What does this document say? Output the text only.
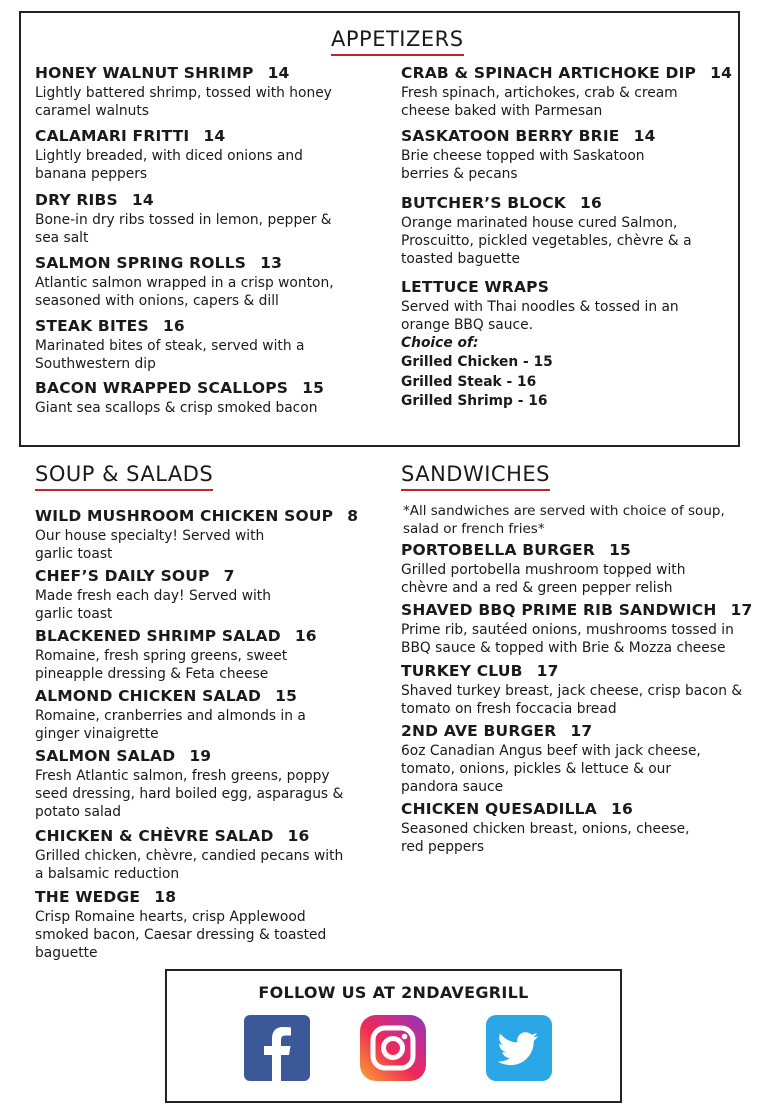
APPETIZERS
HONEY WALNUT SHRIMP 14
Lightly battered shrimp, tossed with honey caramel walnuts
CALAMARI FRITTI 14
Lightly breaded, with diced onions and banana peppers
DRY RIBS 14
Bone-in dry ribs tossed in lemon, pepper & sea salt
SALMON SPRING ROLLS 13
Atlantic salmon wrapped in a crisp wonton, seasoned with onions, capers & dill
STEAK BITES 16
Marinated bites of steak, served with a Southwestern dip
BACON WRAPPED SCALLOPS 15
Giant sea scallops & crisp smoked bacon
CRAB & SPINACH ARTICHOKE DIP 14
Fresh spinach, artichokes, crab & cream cheese baked with Parmesan
SASKATOON BERRY BRIE 14
Brie cheese topped with Saskatoon berries & pecans
BUTCHER’S BLOCK 16
Orange marinated house cured Salmon, Proscuitto, pickled vegetables, chèvre & a toasted baguette
LETTUCE WRAPS
Served with Thai noodles & tossed in an orange BBQ sauce.
Choice of:
Grilled Chicken - 15
Grilled Steak - 16
Grilled Shrimp - 16
SOUP & SALADS
WILD MUSHROOM CHICKEN SOUP 8
Our house specialty! Served with garlic toast
CHEF’S DAILY SOUP 7
Made fresh each day! Served with garlic toast
BLACKENED SHRIMP SALAD 16
Romaine, fresh spring greens, sweet pineapple dressing & Feta cheese
ALMOND CHICKEN SALAD 15
Romaine, cranberries and almonds in a ginger vinaigrette
SALMON SALAD 19
Fresh Atlantic salmon, fresh greens, poppy seed dressing, hard boiled egg, asparagus & potato salad
CHICKEN & CHÈVRE SALAD 16
Grilled chicken, chèvre, candied pecans with a balsamic reduction
THE WEDGE 18
Crisp Romaine hearts, crisp Applewood smoked bacon, Caesar dressing & toasted baguette
SANDWICHES
*All sandwiches are served with choice of soup, salad or french fries*
PORTOBELLA BURGER 15
Grilled portobella mushroom topped with chèvre and a red & green pepper relish
SHAVED BBQ PRIME RIB SANDWICH 17
Prime rib, sautéed onions, mushrooms tossed in BBQ sauce & topped with Brie & Mozza cheese
TURKEY CLUB 17
Shaved turkey breast, jack cheese, crisp bacon & tomato on fresh foccacia bread
2ND AVE BURGER 17
6oz Canadian Angus beef with jack cheese, tomato, onions, pickles & lettuce & our pandora sauce
CHICKEN QUESADILLA 16
Seasoned chicken breast, onions, cheese, red peppers
FOLLOW US AT 2NDAVEGRILL
